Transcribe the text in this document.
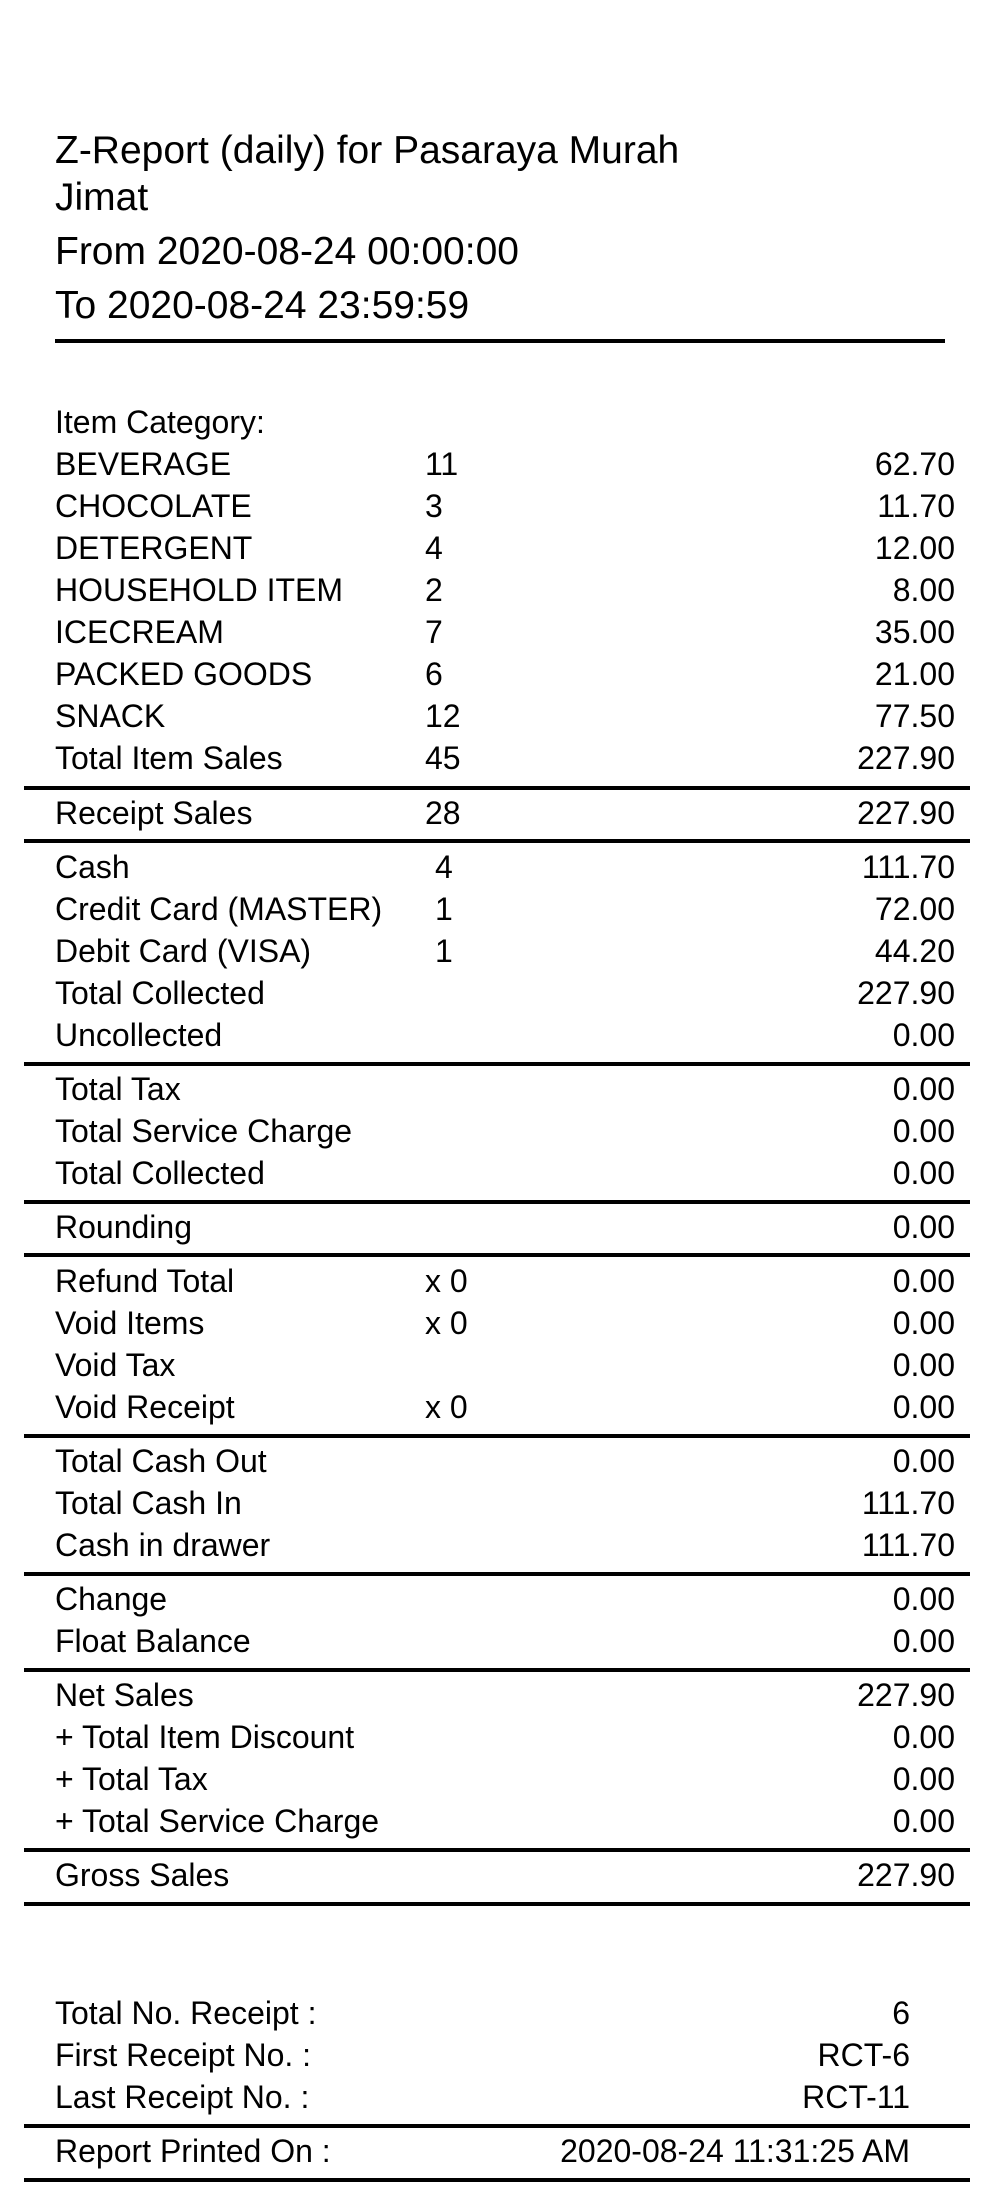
Z-Report (daily) for Pasaraya Murah
Jimat
From 2020-08-24 00:00:00
To 2020-08-24 23:59:59
Item Category:
BEVERAGE	11	62.70
CHOCOLATE	3	11.70
DETERGENT	4	12.00
HOUSEHOLD ITEM	2	8.00
ICECREAM	7	35.00
PACKED GOODS	6	21.00
SNACK	12	77.50
Total Item Sales	45	227.90
Receipt Sales	28	227.90
Cash	4	111.70
Credit Card (MASTER) 1	72.00
Debit Card (VISA)	1	44.20
Total Collected	227.90
Uncollected	0.00
Total Tax	0.00
Total Service Charge	0.00
Total Collected	0.00
Rounding	0.00
Refund Total	x 0	0.00
Void Items	x 0	0.00
Void Tax	0.00
Void Receipt	x 0	0.00
Total Cash Out	0.00
Total Cash In	111.70
Cash in drawer	111.70
Change	0.00
Float Balance	0.00
Net Sales	227.90
+ Total Item Discount	0.00
+ Total Tax	0.00
+ Total Service Charge	0.00
Gross Sales	227.90
Total No. Receipt :	6
First Receipt No. :	RCT-6
Last Receipt No. :	RCT-11
Report Printed On :	2020-08-24 11:31:25 AM
